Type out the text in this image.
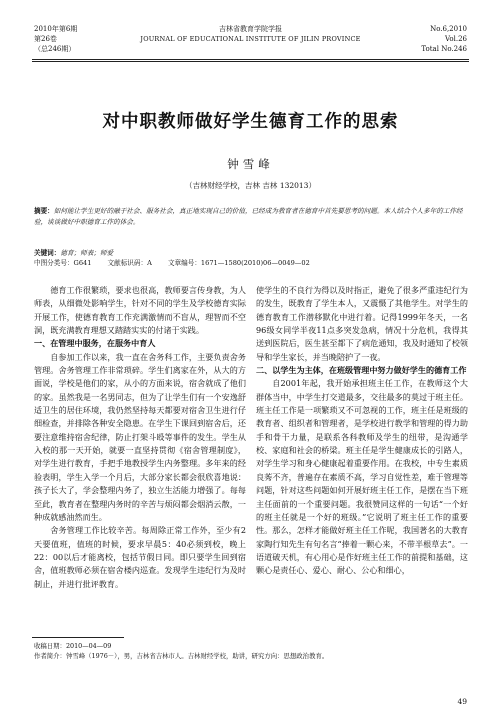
2010年第6期
第26卷
（总246期）
吉林省教育学院学报
JOURNAL OF EDUCATIONAL INSTITUTE OF JILIN PROVINCE
No.6,2010
Vol.26
Total No.246
对中职教师做好学生德育工作的思索
钟雪峰
（吉林财经学校，吉林 吉林 132013）
摘要：如何能让学生更好的融于社会、服务社会，真正地实现自己的价值，已经成为教育者在德育中首先要思考的问题。本人结合个人多年的工作经验，谈谈做好中职德育工作的体会。
关键词：德育；师表；师爱
中图分类号：G641 文献标识码：A 文章编号：1671—1580(2010)06—0049—02

德育工作很繁琐，要求也很高，教师要言传身教，为人师表，从细微处影响学生，针对不同的学生及学校德育实际开展工作，使德育教育工作充满激情而不盲从，理智而不空洞，既充满教育理想又踏踏实实的付诸于实践。

一、在管理中服务，在服务中育人

自参加工作以来，我一直在舍务科工作，主要负责舍务管理。舍务管理工作非常琐碎。学生们离家在外，从大的方面说，学校是他们的家，从小的方面来说，宿舍就成了他们的家。虽然我是一名男同志，但为了让学生们有一个安逸舒适卫生的居住环境，我仍然坚持每天都要对宿舍卫生进行仔细检查，并排除各种安全隐患。在学生下课回到宿舍后，还要注意维持宿舍纪律，防止打架斗殴等事件的发生。学生从入校的那一天开始，就要一直坚持贯彻《宿舍管理制度》，对学生进行教育，手把手地教授学生内务整理。多年来的经验表明，学生入学一个月后，大部分家长都会很欣喜地说：孩子长大了，学会整理内务了，独立生活能力增强了。每每至此，教育者在整理内务时的辛苦与烦闷都会烟消云散，一种成就感油然而生。

舍务管理工作比较辛苦。每周除正常工作外，至少有2天要值班，值班的时候，要求早晨5：40必须到校，晚上22：00以后才能离校，包括节假日同。即只要学生回到宿舍，值班教师必须在宿舍楼内巡查。发现学生违纪行为及时制止，并进行批评教育。

使学生的不良行为得以及时指正，避免了很多严重违纪行为的发生，既教育了学生本人，又震慑了其他学生。对学生的德育教育工作潜移默化中进行着。记得1999年冬天，一名96级女同学半夜11点多突发急病，情况十分危机，我得其送到医院后，医生甚至都下了病危通知，我及时通知了校领导和学生家长，并当晚陪护了一夜。

二、以学生为主体，在班级管理中努力做好学生的德育工作

自2001年起，我开始承担班主任工作，在教师这个大群体当中，中学生打交道最多，交往最多的莫过于班主任。班主任工作是一项繁琐又不可忽视的工作，班主任是班级的教育者、组织者和管理者，是学校进行教学和管理的得力助手和骨干力量，是联系各科教师及学生的纽带，是沟通学校、家庭和社会的桥梁。班主任是学生健康成长的引路人，对学生学习和身心健康起着重要作用。在我校，中专生素质良莠不齐，普遍存在素质不高，学习自觉性差，难于管理等问题，针对这些问题如何开展好班主任工作，是摆在当下班主任面前的一个重要问题。我很赞同这样的一句话“一个好的班主任就是一个好的班级。”它说明了班主任工作的重要性。那么，怎样才能做好班主任工作呢，我国著名的大教育家陶行知先生有句名言“捧着一颗心来，不带半根草去”。一语道破天机，有心用心是作好班主任工作的前提和基础，这颗心是责任心、爱心、耐心、公心和细心，

收稿日期：2010—04—09
作者简介：钟雪峰（1976－），男，吉林省吉林市人。吉林财经学校，助讲，研究方向：思想政治教育。
49
